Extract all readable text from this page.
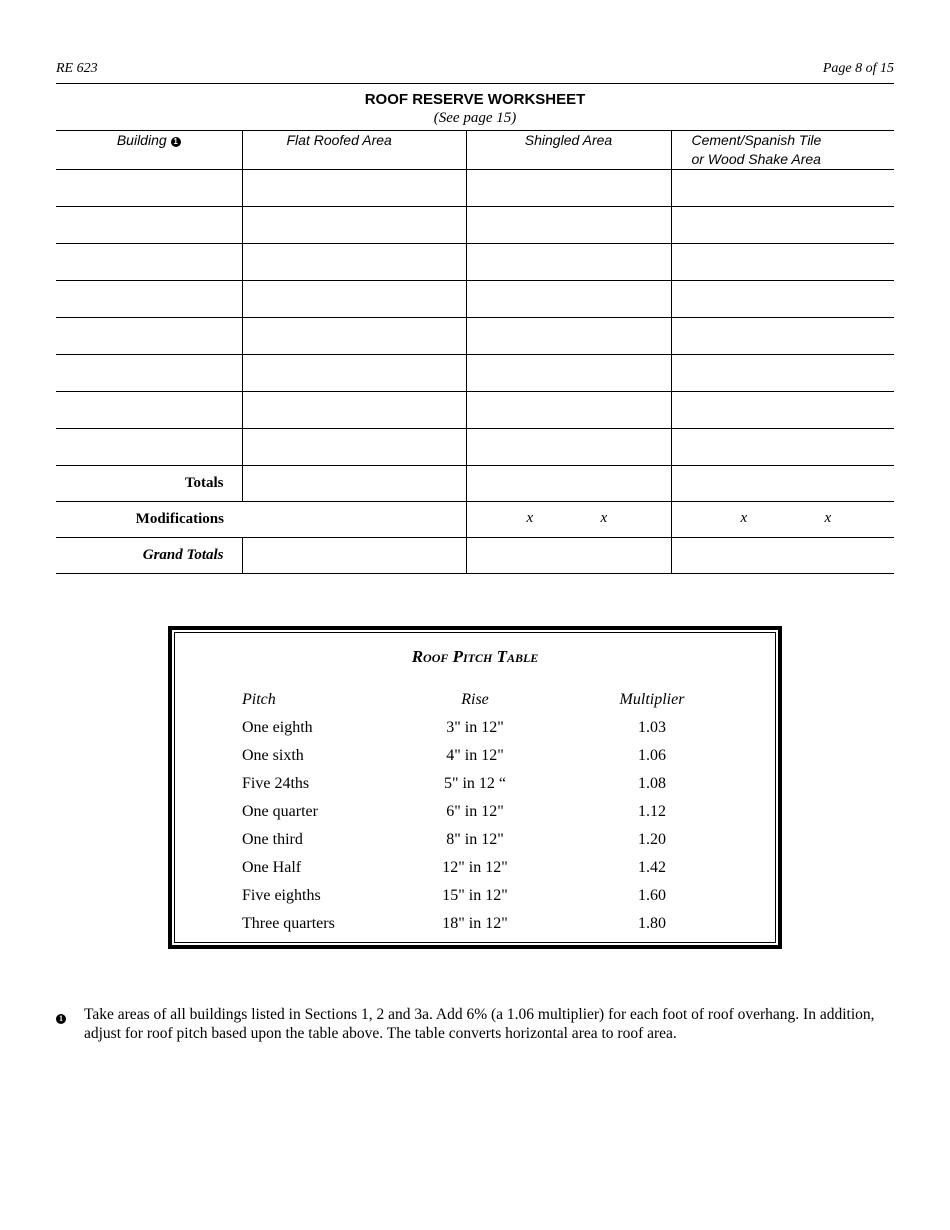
RE 623	Page 8 of 15
ROOF RESERVE WORKSHEET
(See page 15)
Building 1	Flat Roofed Area	Shingled Area	Cement/Spanish Tile
or Wood Shake Area

Totals			
Modifications		x x	x x

Grand Totals			
Roof Pitch Table
Pitch	Rise	Multiplier
One eighth	3" in 12"	1.03
One sixth	4" in 12"	1.06
Five 24ths	5" in 12 “	1.08
One quarter	6" in 12"	1.12
One third	8" in 12"	1.20
One Half	12" in 12"	1.42
Five eighths	15" in 12"	1.60
Three quarters	18" in 12"	1.80
1 Take areas of all buildings listed in Sections 1, 2 and 3a. Add 6% (a 1.06 multiplier) for each foot of roof overhang. In addition, adjust for roof pitch based upon the table above. The table converts horizontal area to roof area.
